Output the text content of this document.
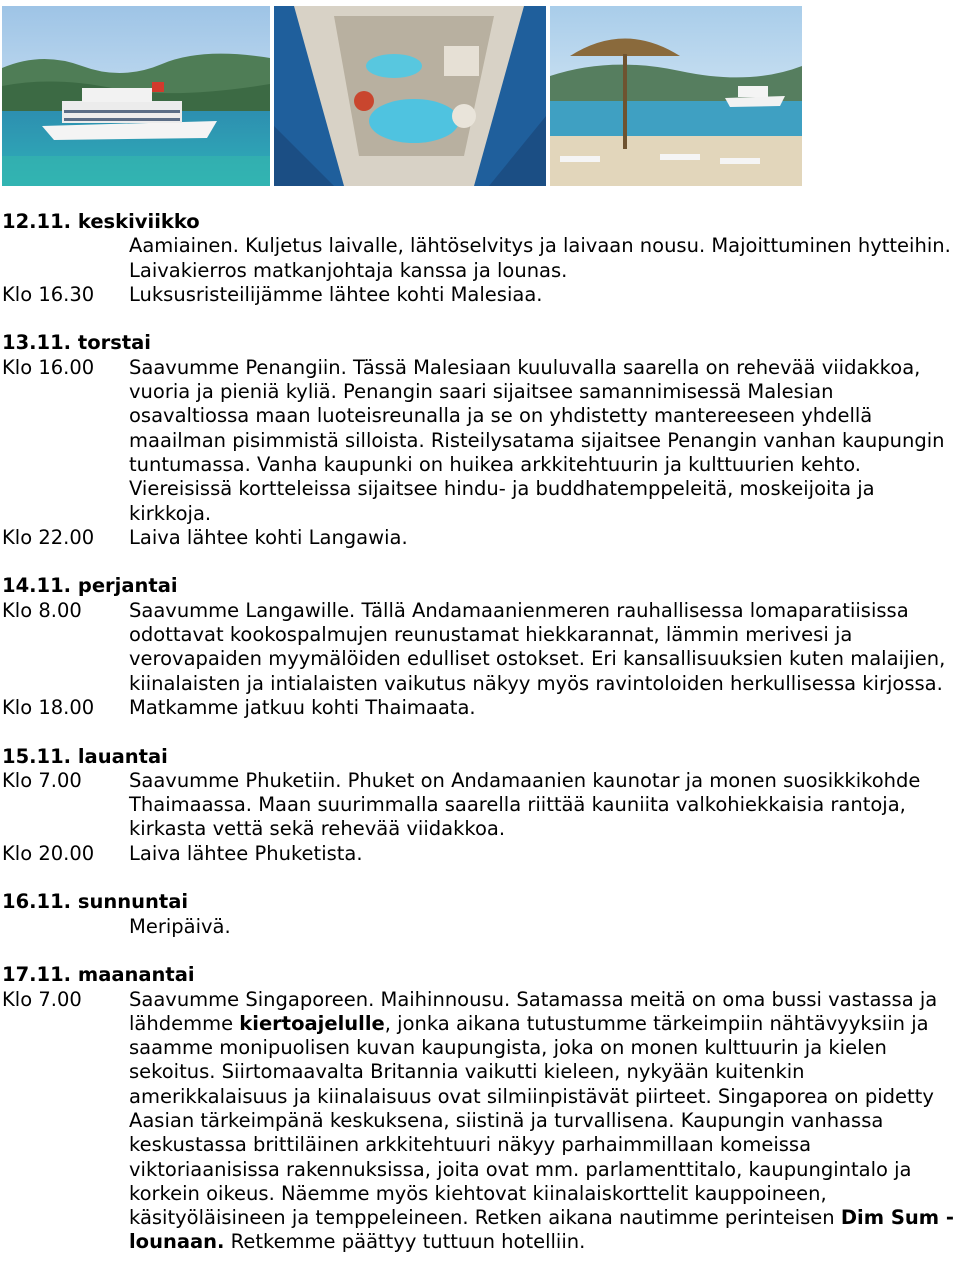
12.11. keskiviikko
Aamiainen. Kuljetus laivalle, lähtöselvitys ja laivaan nousu. Majoittuminen hytteihin. Laivakierros matkanjohtaja kanssa ja lounas.
Klo 16.30	Luksusristeilijämme lähtee kohti Malesiaa.
13.11. torstai
Klo 16.00	Saavumme Penangiin. Tässä Malesiaan kuuluvalla saarella on rehevää viidakkoa, vuoria ja pieniä kyliä. Penangin saari sijaitsee samannimisessä Malesian osavaltiossa maan luoteisreunalla ja se on yhdistetty mantereeseen yhdellä maailman pisimmistä silloista. Risteilysatama sijaitsee Penangin vanhan kaupungin tuntumassa. Vanha kaupunki on huikea arkkitehtuurin ja kulttuurien kehto. Viereisissä kortteleissa sijaitsee hindu- ja buddhatemppeleitä, moskeijoita ja kirkkoja.
Klo 22.00	Laiva lähtee kohti Langawia.
14.11. perjantai
Klo 8.00	Saavumme Langawille. Tällä Andamaanienmeren rauhallisessa lomaparatiisissa odottavat kookospalmujen reunustamat hiekkarannat, lämmin merivesi ja verovapaiden myymälöiden edulliset ostokset. Eri kansallisuuksien kuten malaijien, kiinalaisten ja intialaisten vaikutus näkyy myös ravintoloiden herkullisessa kirjossa.
Klo 18.00	Matkamme jatkuu kohti Thaimaata.
15.11. lauantai
Klo 7.00	Saavumme Phuketiin. Phuket on Andamaanien kaunotar ja monen suosikkikohde Thaimaassa. Maan suurimmalla saarella riittää kauniita valkohiekkaisia rantoja, kirkasta vettä sekä rehevää viidakkoa.
Klo 20.00	Laiva lähtee Phuketista.
16.11. sunnuntai
Meripäivä.
17.11. maanantai
Klo 7.00	Saavumme Singaporeen. Maihinnousu. Satamassa meitä on oma bussi vastassa ja lähdemme kiertoajelulle, jonka aikana tutustumme tärkeimpiin nähtävyyksiin ja saamme monipuolisen kuvan kaupungista, joka on monen kulttuurin ja kielen sekoitus. Siirtomaavalta Britannia vaikutti kieleen, nykyään kuitenkin amerikkalaisuus ja kiinalaisuus ovat silmiinpistävät piirteet. Singaporea on pidetty Aasian tärkeimpänä keskuksena, siistinä ja turvallisena. Kaupungin vanhassa keskustassa brittiläinen arkkitehtuuri näkyy parhaimmillaan komeissa viktoriaanisissa rakennuksissa, joita ovat mm. parlamenttitalo, kaupungintalo ja korkein oikeus. Näemme myös kiehtovat kiinalaiskorttelit kauppoineen, käsityöläisineen ja temppeleineen. Retken aikana nautimme perinteisen Dim Sum -lounaan. Retkemme päättyy tuttuun hotelliin.
